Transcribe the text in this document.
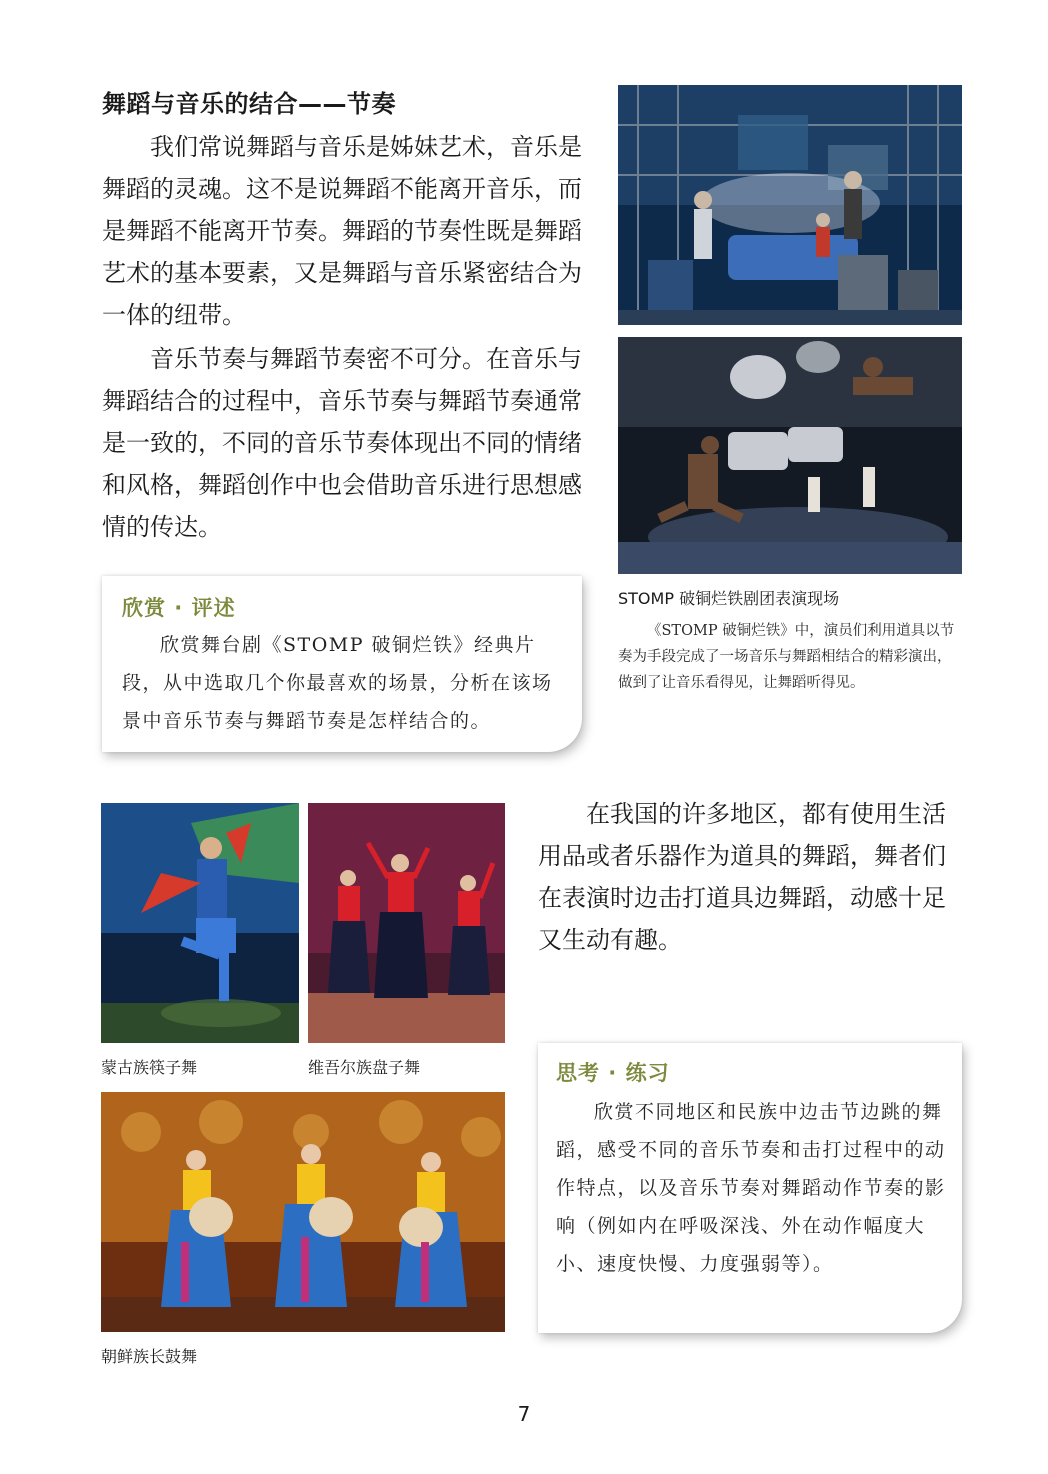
舞蹈与音乐的结合——节奏

我们常说舞蹈与音乐是姊妹艺术，音乐是舞蹈的灵魂。这不是说舞蹈不能离开音乐，而是舞蹈不能离开节奏。舞蹈的节奏性既是舞蹈艺术的基本要素，又是舞蹈与音乐紧密结合为一体的纽带。

音乐节奏与舞蹈节奏密不可分。在音乐与舞蹈结合的过程中，音乐节奏与舞蹈节奏通常是一致的，不同的音乐节奏体现出不同的情绪和风格，舞蹈创作中也会借助音乐进行思想感情的传达。

STOMP 破铜烂铁剧团表演现场

《STOMP 破铜烂铁》中，演员们利用道具以节奏为手段完成了一场音乐与舞蹈相结合的精彩演出，做到了让音乐看得见，让舞蹈听得见。

欣赏 · 评述

欣赏舞台剧《STOMP 破铜烂铁》经典片段，从中选取几个你最喜欢的场景，分析在该场景中音乐节奏与舞蹈节奏是怎样结合的。

在我国的许多地区，都有使用生活用品或者乐器作为道具的舞蹈，舞者们在表演时边击打道具边舞蹈，动感十足又生动有趣。

蒙古族筷子舞	维吾尔族盘子舞
朝鲜族长鼓舞
思考 · 练习

欣赏不同地区和民族中边击节边跳的舞蹈，感受不同的音乐节奏和击打过程中的动作特点，以及音乐节奏对舞蹈动作节奏的影响（例如内在呼吸深浅、外在动作幅度大小、速度快慢、力度强弱等）。

7
